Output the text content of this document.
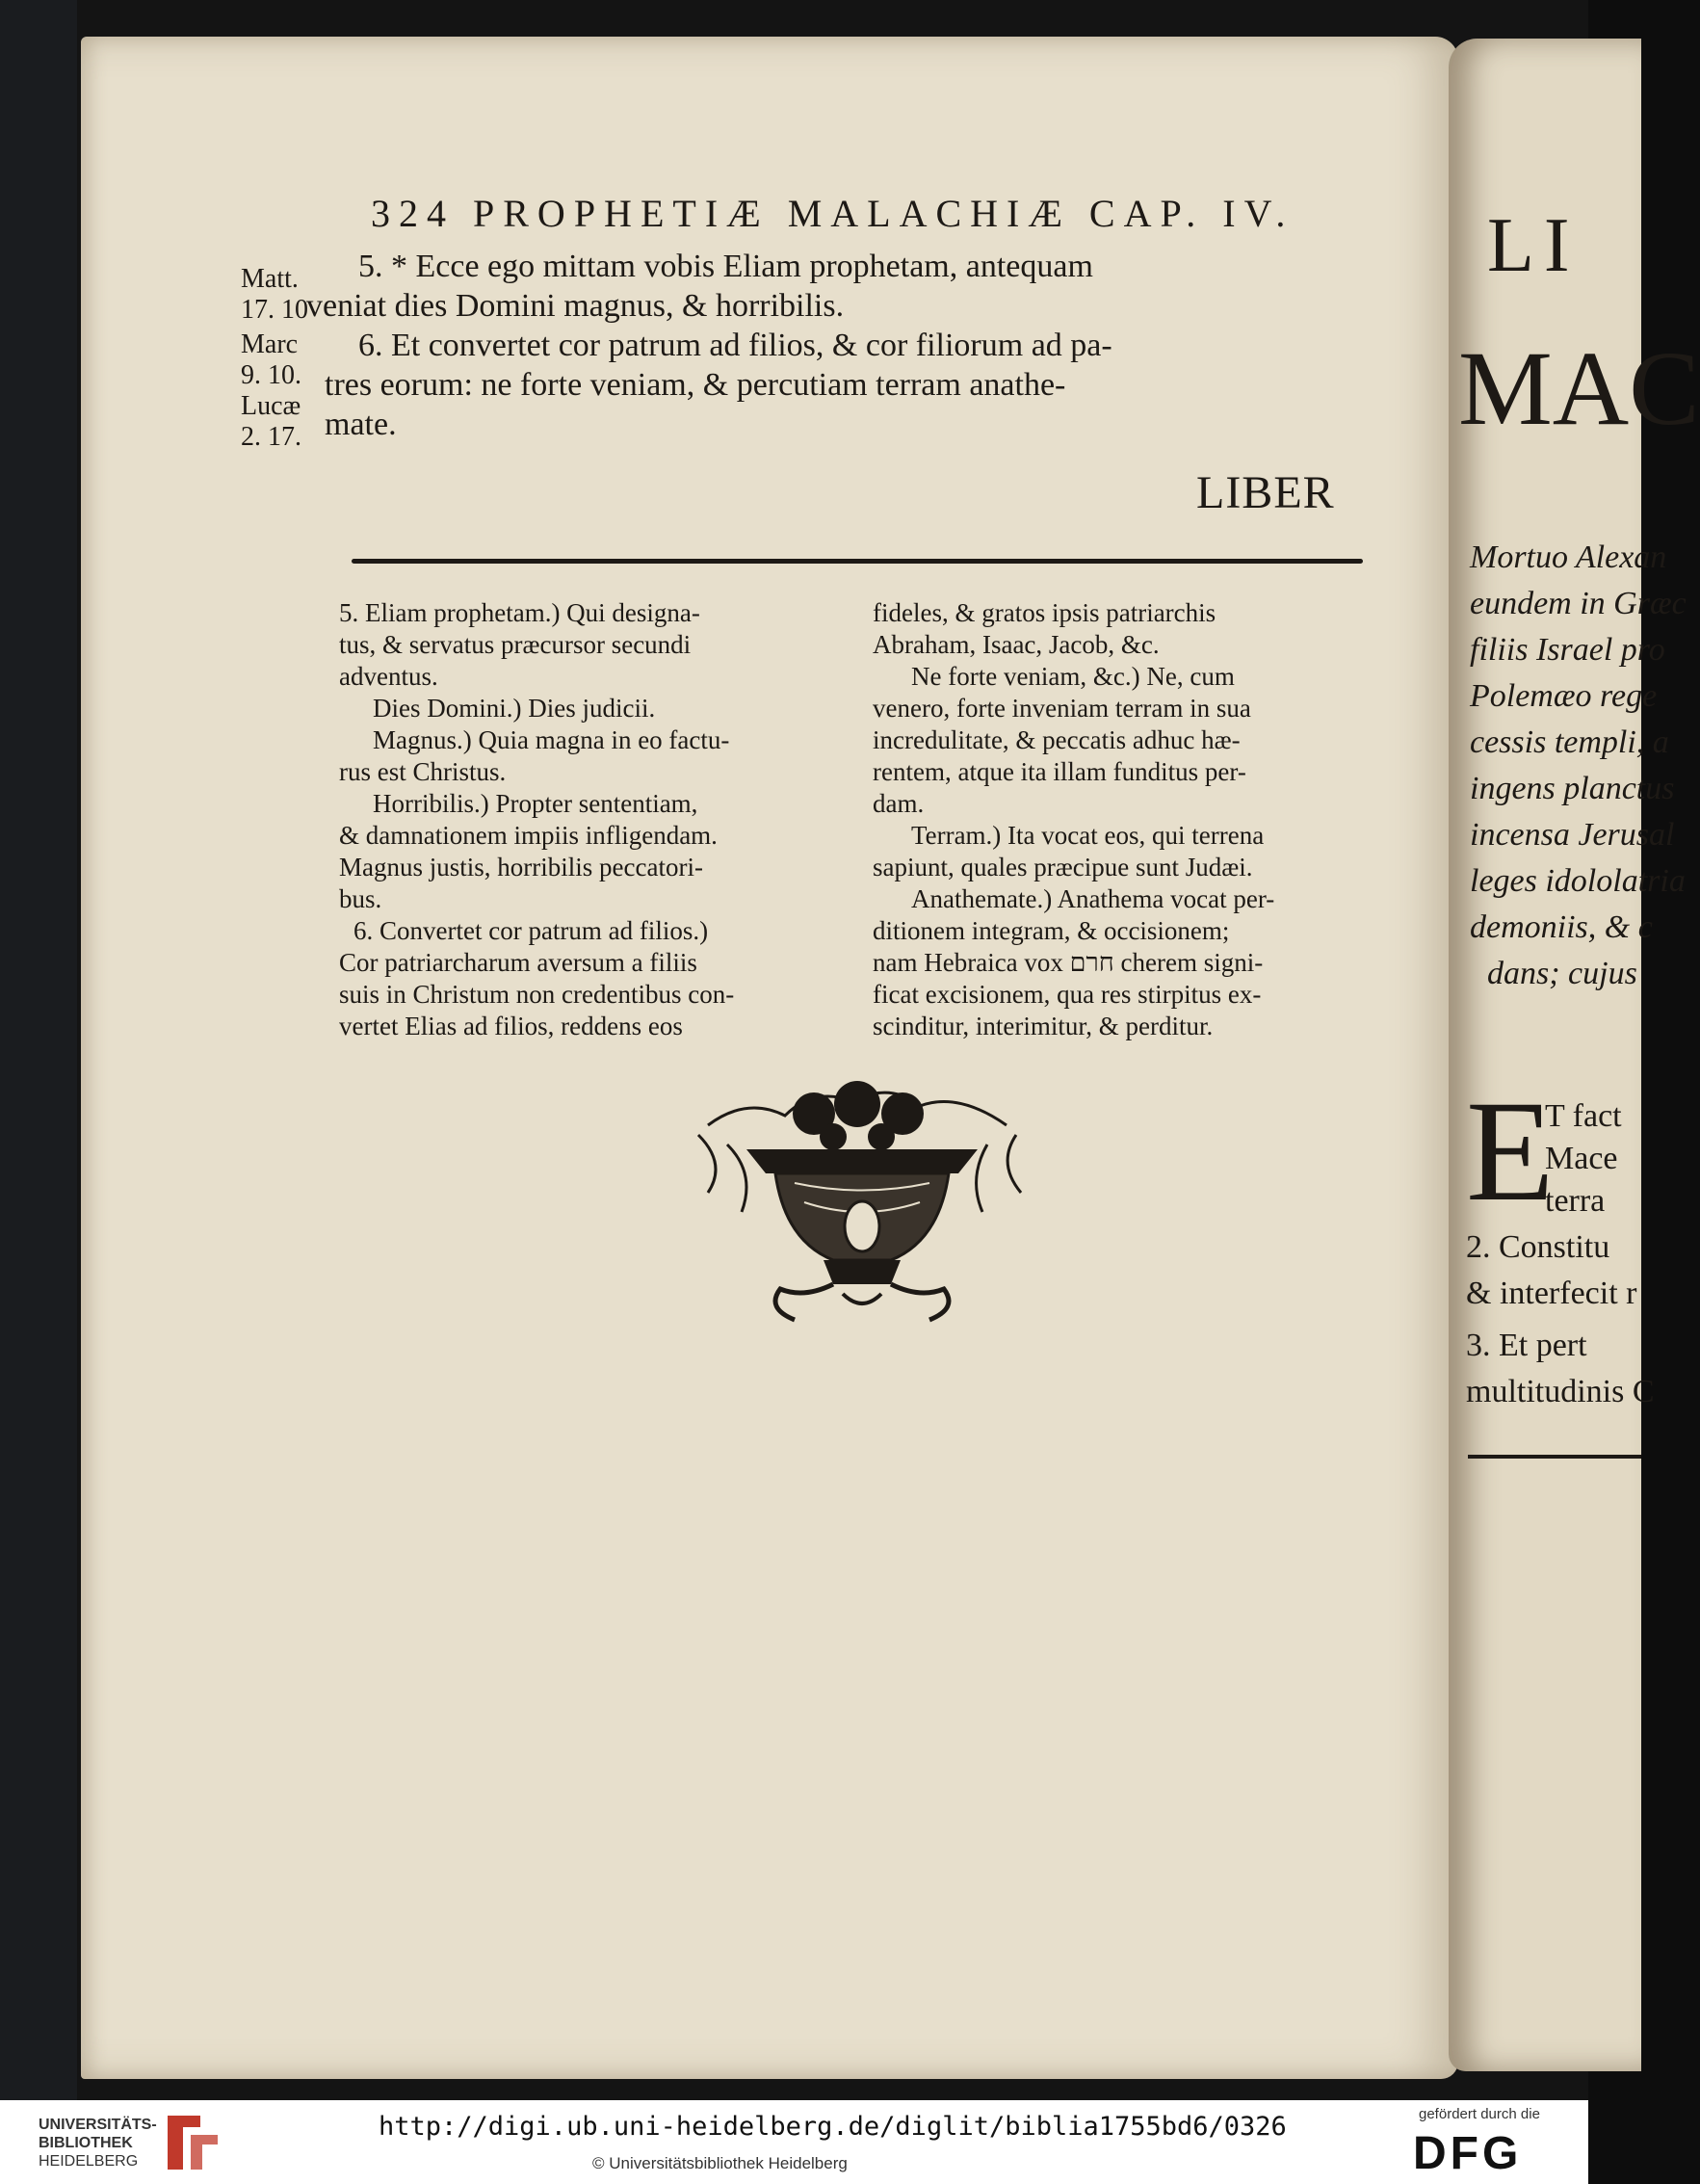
324 PROPHETIÆ MALACHIÆ CAP. IV.
Matt.
17. 10
Marc
9. 10.
Lucæ
2. 17.
5. * Ecce ego mittam vobis Eliam prophetam, antequam
veniat dies Domini magnus, & horribilis.
6. Et convertet cor patrum ad filios, & cor filiorum ad pa-
tres eorum: ne forte veniam, & percutiam terram anathe-
mate.
LIBER

5. Eliam prophetam.) Qui designa-

tus, & servatus præcursor secundi

adventus.

Dies Domini.) Dies judicii.

Magnus.) Quia magna in eo factu-

rus est Christus.

Horribilis.) Propter sententiam,

& damnationem impiis infligendam.

Magnus justis, horribilis peccatori-

bus.

6. Convertet cor patrum ad filios.)

Cor patriarcharum aversum a filiis

suis in Christum non credentibus con-

vertet Elias ad filios, reddens eos

fideles, & gratos ipsis patriarchis

Abraham, Isaac, Jacob, &c.

Ne forte veniam, &c.) Ne, cum

venero, forte inveniam terram in sua

incredulitate, & peccatis adhuc hæ-

rentem, atque ita illam funditus per-

dam.

Terram.) Ita vocat eos, qui terrena

sapiunt, quales præcipue sunt Judæi.

Anathemate.) Anathema vocat per-

ditionem integram, & occisionem;

nam Hebraica vox חרם cherem signi-

ficat excisionem, qua res stirpitus ex-

scinditur, interimitur, & perditur.

LI
MAC
Mortuo Alexan
eundem in Græc
filiis Israel pro
Polemæo rege
cessis templi, a
ingens planctus
incensa Jerusal
leges idololatria
demoniis, & c
dans; cujus
E
T fact
Mace
terra
2. Constitu
& interfecit r
3. Et pert
multitudinis C
UNIVERSITÄTS-
BIBLIOTHEK
HEIDELBERG
http://digi.ub.uni-heidelberg.de/diglit/biblia1755bd6/0326
© Universitätsbibliothek Heidelberg
gefördert durch die
DFG
